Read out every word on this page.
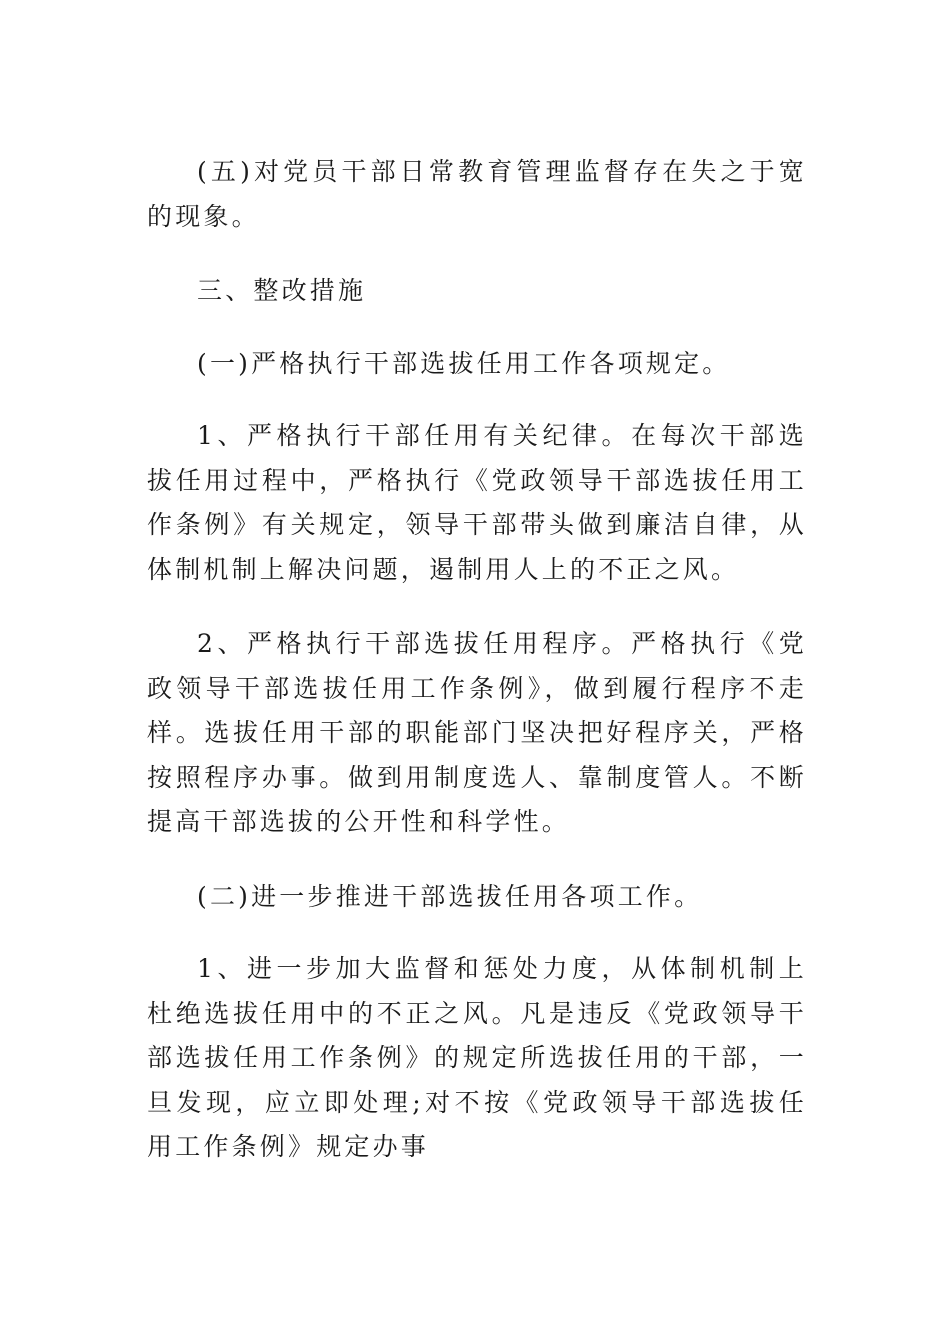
(五)对党员干部日常教育管理监督存在失之于宽的现象。

三、整改措施

(一)严格执行干部选拔任用工作各项规定。

1、严格执行干部任用有关纪律。在每次干部选拔任用过程中，严格执行《党政领导干部选拔任用工作条例》有关规定，领导干部带头做到廉洁自律，从体制机制上解决问题，遏制用人上的不正之风。

2、严格执行干部选拔任用程序。严格执行《党政领导干部选拔任用工作条例》，做到履行程序不走样。选拔任用干部的职能部门坚决把好程序关，严格按照程序办事。做到用制度选人、靠制度管人。不断提高干部选拔的公开性和科学性。

(二)进一步推进干部选拔任用各项工作。

1、进一步加大监督和惩处力度，从体制机制上杜绝选拔任用中的不正之风。凡是违反《党政领导干部选拔任用工作条例》的规定所选拔任用的干部，一旦发现，应立即处理;对不按《党政领导干部选拔任用工作条例》规定办事
